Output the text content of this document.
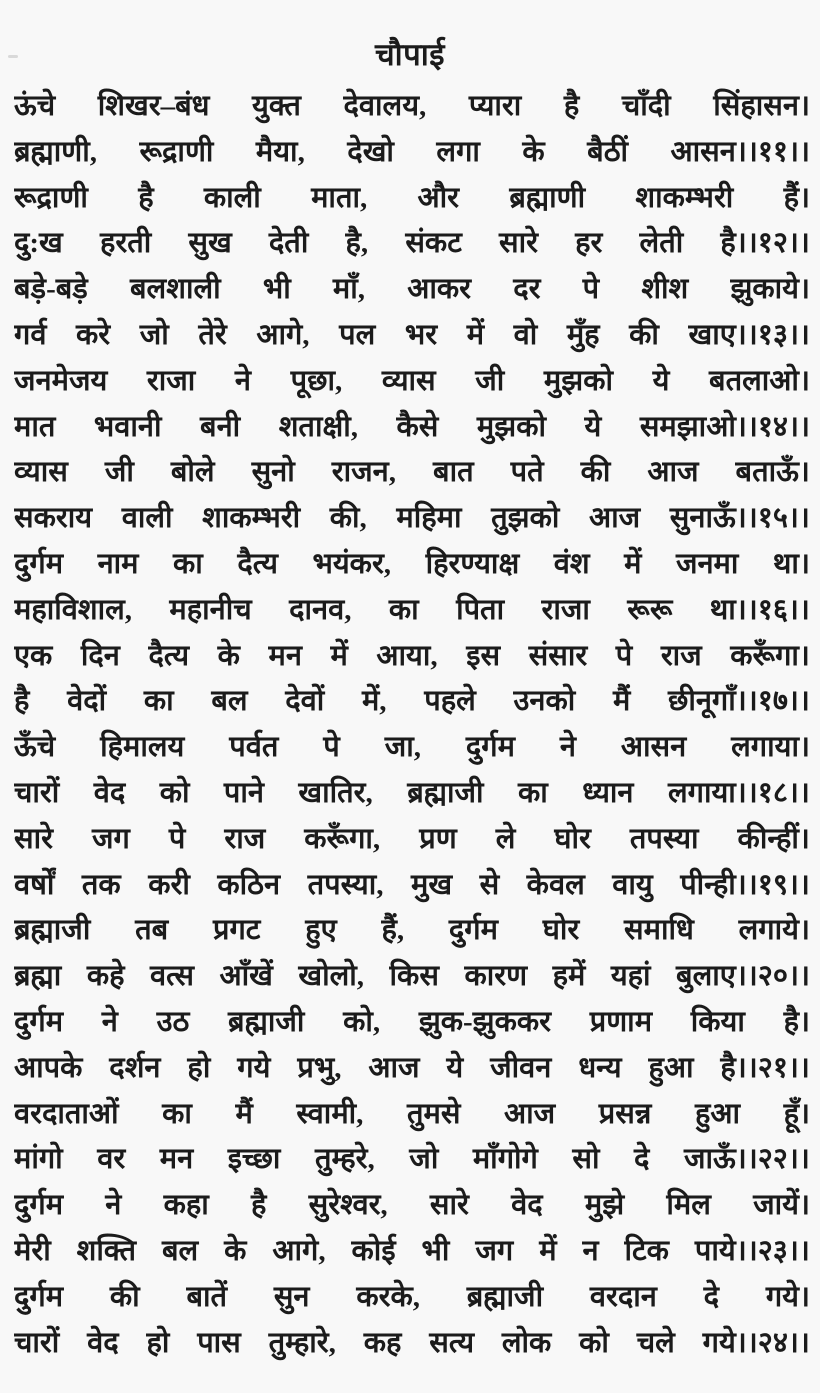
चौपाई
ऊंचे शिखर–बंध युक्त देवालय, प्यारा है चाँदी सिंहासन।
ब्रह्माणी, रूद्राणी मैया, देखो लगा के बैठीं आसन।।११।।
रूद्राणी है काली माता, और ब्रह्माणी शाकम्भरी हैं।
दु:ख हरती सुख देती है, संकट सारे हर लेती है।।१२।।
बड़े-बड़े बलशाली भी माँ, आकर दर पे शीश झुकाये।
गर्व करे जो तेरे आगे, पल भर में वो मुँह की खाए।।१३।।
जनमेजय राजा ने पूछा, व्यास जी मुझको ये बतलाओ।
मात भवानी बनी शताक्षी, कैसे मुझको ये समझाओ।।१४।।
व्यास जी बोले सुनो राजन, बात पते की आज बताऊँ।
सकराय वाली शाकम्भरी की, महिमा तुझको आज सुनाऊँ।।१५।।
दुर्गम नाम का दैत्य भयंकर, हिरण्याक्ष वंश में जनमा था।
महाविशाल, महानीच दानव, का पिता राजा रूरू था।।१६।।
एक दिन दैत्य के मन में आया, इस संसार पे राज करूँगा।
है वेदों का बल देवों में, पहले उनको मैं छीनूगाँ।।१७।।
ऊँचे हिमालय पर्वत पे जा, दुर्गम ने आसन लगाया।
चारों वेद को पाने खातिर, ब्रह्माजी का ध्यान लगाया।।१८।।
सारे जग पे राज करूँगा, प्रण ले घोर तपस्या कीन्हीं।
वर्षों तक करी कठिन तपस्या, मुख से केवल वायु पीन्ही।।१९।।
ब्रह्माजी तब प्रगट हुए हैं, दुर्गम घोर समाधि लगाये।
ब्रह्मा कहे वत्स आँखें खोलो, किस कारण हमें यहां बुलाए।।२०।।
दुर्गम ने उठ ब्रह्माजी को, झुक-झुककर प्रणाम किया है।
आपके दर्शन हो गये प्रभु, आज ये जीवन धन्य हुआ है।।२१।।
वरदाताओं का मैं स्वामी, तुमसे आज प्रसन्न हुआ हूँ।
मांगो वर मन इच्छा तुम्हरे, जो माँगोगे सो दे जाऊँ।।२२।।
दुर्गम ने कहा है सुरेश्वर, सारे वेद मुझे मिल जायें।
मेरी शक्ति बल के आगे, कोई भी जग में न टिक पाये।।२३।।
दुर्गम की बातें सुन करके, ब्रह्माजी वरदान दे गये।
चारों वेद हो पास तुम्हारे, कह सत्य लोक को चले गये।।२४।।
